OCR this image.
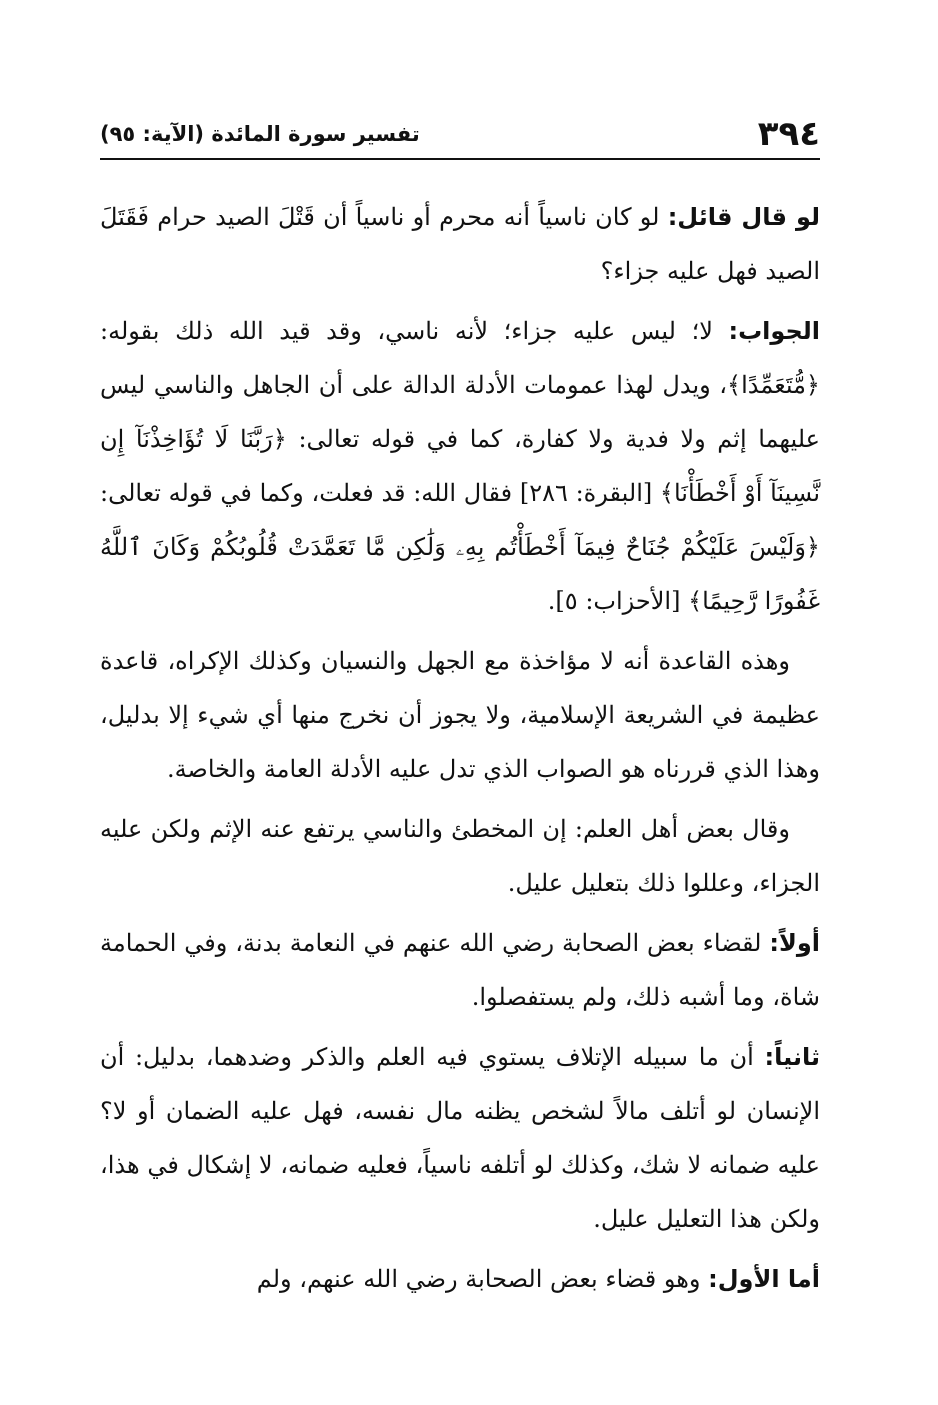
٣٩٤
تفسير سورة المائدة (الآية: ٩٥)

لو قال قائل: لو كان ناسياً أنه محرم أو ناسياً أن قَتْلَ الصيد حرام فَقَتَلَ الصيد فهل عليه جزاء؟

الجواب: لا؛ ليس عليه جزاء؛ لأنه ناسي، وقد قيد الله ذلك بقوله: ﴿مُّتَعَمِّدًا﴾، ويدل لهذا عمومات الأدلة الدالة على أن الجاهل والناسي ليس عليهما إثم ولا فدية ولا كفارة، كما في قوله تعالى: ﴿رَبَّنَا لَا تُؤَاخِذْنَآ إِن نَّسِينَآ أَوْ أَخْطَأْنَا﴾ [البقرة: ٢٨٦] فقال الله: قد فعلت، وكما في قوله تعالى: ﴿وَلَيْسَ عَلَيْكُمْ جُنَاحٌ فِيمَآ أَخْطَأْتُم بِهِۦ وَلَٰكِن مَّا تَعَمَّدَتْ قُلُوبُكُمْ وَكَانَ ٱللَّهُ غَفُورًا رَّحِيمًا﴾ [الأحزاب: ٥].

وهذه القاعدة أنه لا مؤاخذة مع الجهل والنسيان وكذلك الإكراه، قاعدة عظيمة في الشريعة الإسلامية، ولا يجوز أن نخرج منها أي شيء إلا بدليل، وهذا الذي قررناه هو الصواب الذي تدل عليه الأدلة العامة والخاصة.

وقال بعض أهل العلم: إن المخطئ والناسي يرتفع عنه الإثم ولكن عليه الجزاء، وعللوا ذلك بتعليل عليل.

أولاً: لقضاء بعض الصحابة رضي الله عنهم في النعامة بدنة، وفي الحمامة شاة، وما أشبه ذلك، ولم يستفصلوا.

ثانياً: أن ما سبيله الإتلاف يستوي فيه العلم والذكر وضدهما، بدليل: أن الإنسان لو أتلف مالاً لشخص يظنه مال نفسه، فهل عليه الضمان أو لا؟ عليه ضمانه لا شك، وكذلك لو أتلفه ناسياً، فعليه ضمانه، لا إشكال في هذا، ولكن هذا التعليل عليل.

أما الأول: وهو قضاء بعض الصحابة رضي الله عنهم، ولم
